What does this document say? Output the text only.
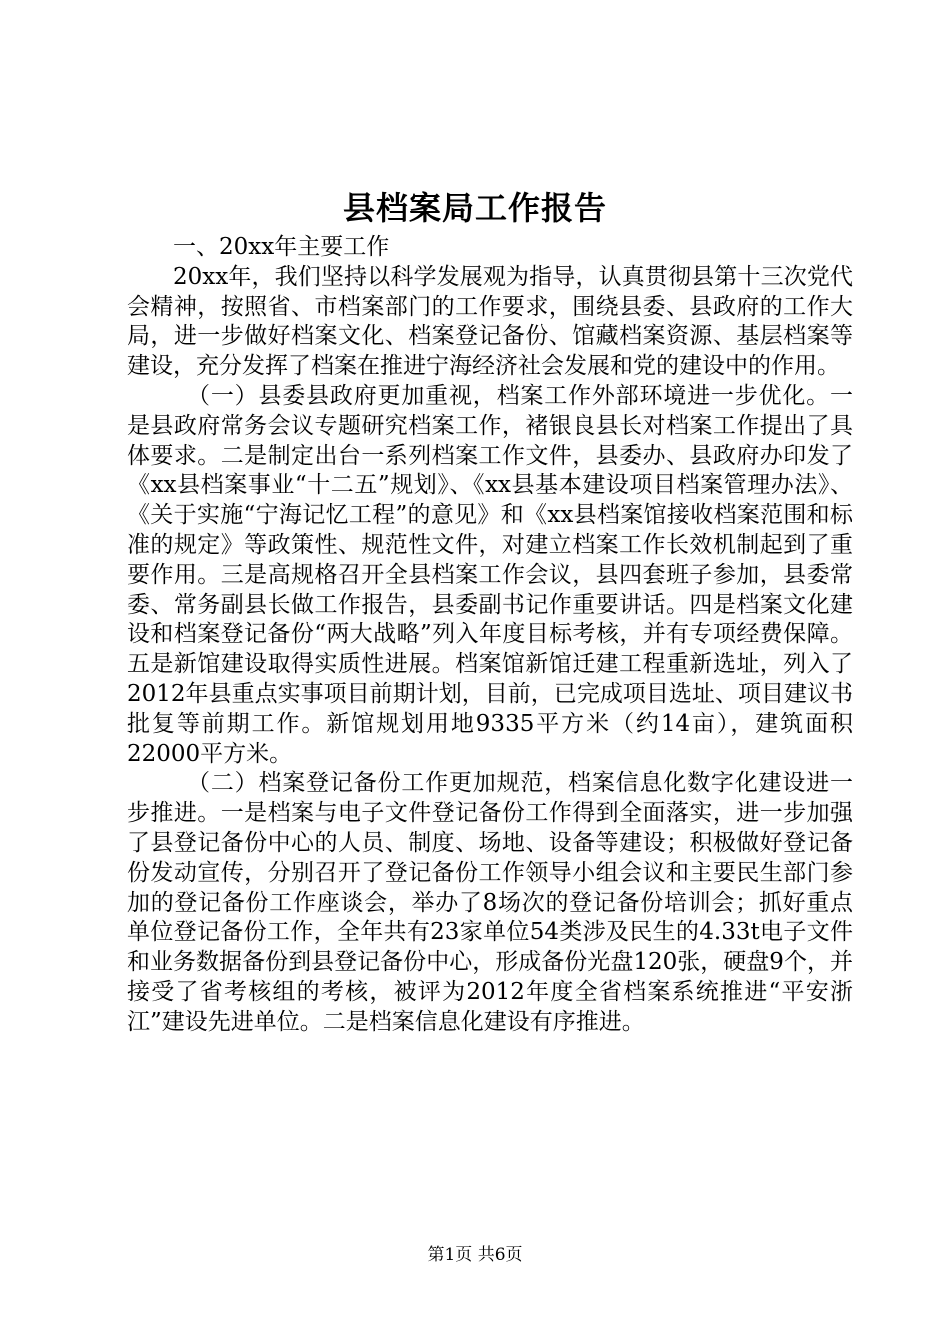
县档案局工作报告

一、20xx年主要工作

20xx年，我们坚持以科学发展观为指导，认真贯彻县第十三次党代会精神，按照省、市档案部门的工作要求，围绕县委、县政府的工作大局，进一步做好档案文化、档案登记备份、馆藏档案资源、基层档案等建设，充分发挥了档案在推进宁海经济社会发展和党的建设中的作用。

（一）县委县政府更加重视，档案工作外部环境进一步优化。一是县政府常务会议专题研究档案工作，褚银良县长对档案工作提出了具体要求。二是制定出台一系列档案工作文件，县委办、县政府办印发了《xx县档案事业“十二五”规划》、《xx县基本建设项目档案管理办法》、《关于实施“宁海记忆工程”的意见》和《xx县档案馆接收档案范围和标准的规定》等政策性、规范性文件，对建立档案工作长效机制起到了重要作用。三是高规格召开全县档案工作会议，县四套班子参加，县委常委、常务副县长做工作报告，县委副书记作重要讲话。四是档案文化建设和档案登记备份“两大战略”列入年度目标考核，并有专项经费保障。五是新馆建设取得实质性进展。档案馆新馆迁建工程重新选址，列入了2012年县重点实事项目前期计划，目前，已完成项目选址、项目建议书批复等前期工作。新馆规划用地9335平方米（约14亩），建筑面积22000平方米。

（二）档案登记备份工作更加规范，档案信息化数字化建设进一步推进。一是档案与电子文件登记备份工作得到全面落实，进一步加强了县登记备份中心的人员、制度、场地、设备等建设；积极做好登记备份发动宣传，分别召开了登记备份工作领导小组会议和主要民生部门参加的登记备份工作座谈会，举办了8场次的登记备份培训会；抓好重点单位登记备份工作，全年共有23家单位54类涉及民生的4.33t电子文件和业务数据备份到县登记备份中心，形成备份光盘120张，硬盘9个，并接受了省考核组的考核，被评为2012年度全省档案系统推进“平安浙江”建设先进单位。二是档案信息化建设有序推进。

第1页 共6页
